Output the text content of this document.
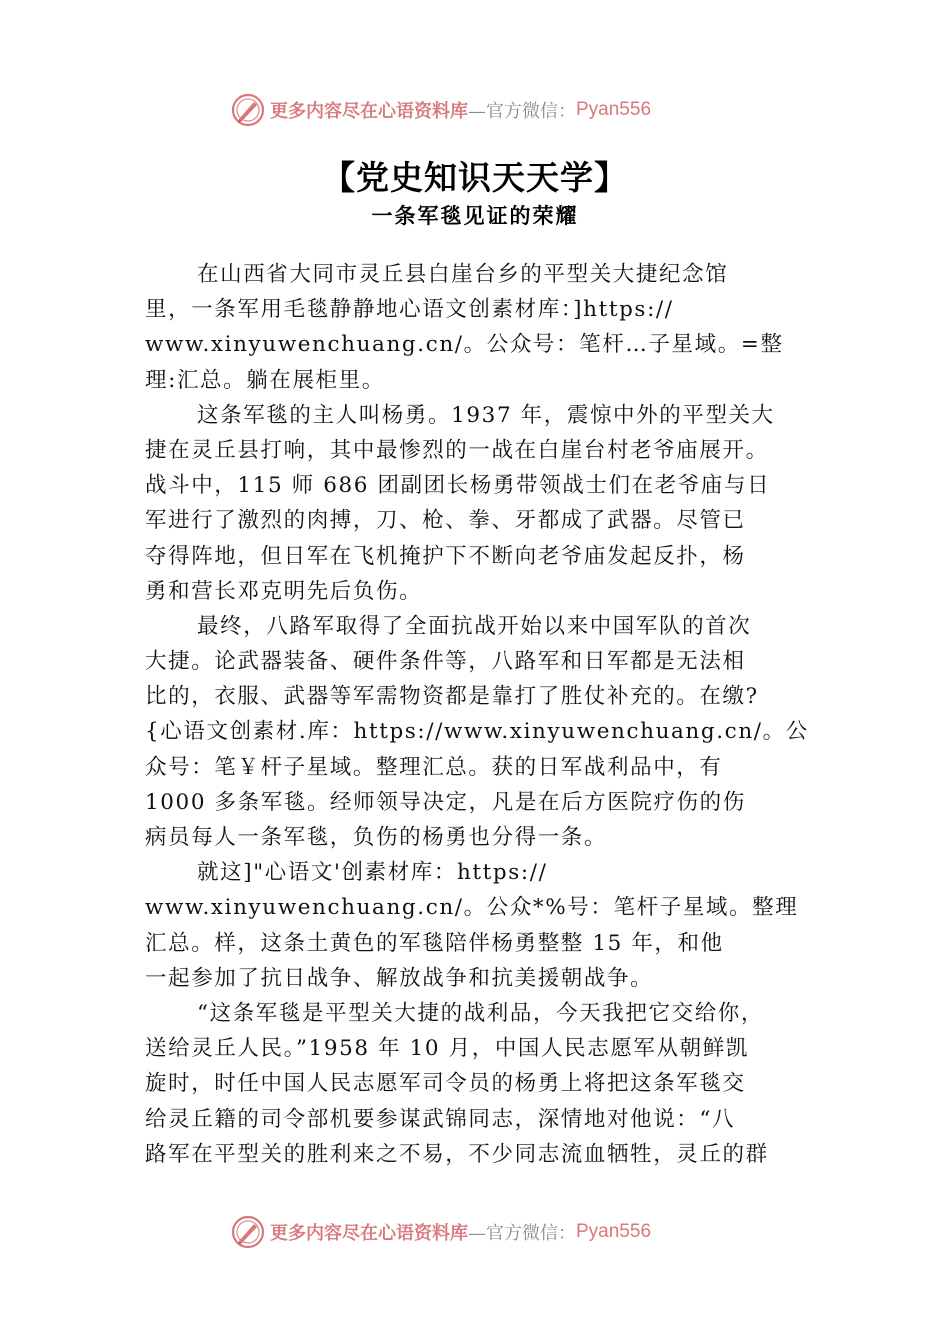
更多内容尽在心语资料库 —官方微信： Pyan556
【党史知识天天学】
一条军毯见证的荣耀
在山西省大同市灵丘县白崖台乡的平型关大捷纪念馆
里，一条军用毛毯静静地心语文创素材库：]https://
www.xinyuwenchuang.cn/。公众号：笔杆…子星域。=整
理:汇总。躺在展柜里。
这条军毯的主人叫杨勇。1937 年，震惊中外的平型关大
捷在灵丘县打响，其中最惨烈的一战在白崖台村老爷庙展开。
战斗中，115 师 686 团副团长杨勇带领战士们在老爷庙与日
军进行了激烈的肉搏，刀、枪、拳、牙都成了武器。尽管已
夺得阵地，但日军在飞机掩护下不断向老爷庙发起反扑，杨
勇和营长邓克明先后负伤。
最终，八路军取得了全面抗战开始以来中国军队的首次
大捷。论武器装备、硬件条件等，八路军和日军都是无法相
比的，衣服、武器等军需物资都是靠打了胜仗补充的。在缴?
{心语文创素材.库：https://www.xinyuwenchuang.cn/。公
众号：笔￥杆子星域。整理汇总。获的日军战利品中，有
1000 多条军毯。经师领导决定，凡是在后方医院疗伤的伤
病员每人一条军毯，负伤的杨勇也分得一条。
就这]"心语文'创素材库：https://
www.xinyuwenchuang.cn/。公众*%号：笔杆子星域。整理
汇总。样，这条土黄色的军毯陪伴杨勇整整 15 年，和他
一起参加了抗日战争、解放战争和抗美援朝战争。
“这条军毯是平型关大捷的战利品，今天我把它交给你，
送给灵丘人民。”1958 年 10 月，中国人民志愿军从朝鲜凯
旋时，时任中国人民志愿军司令员的杨勇上将把这条军毯交
给灵丘籍的司令部机要参谋武锦同志，深情地对他说：“八
路军在平型关的胜利来之不易，不少同志流血牺牲，灵丘的群
更多内容尽在心语资料库 —官方微信： Pyan556
